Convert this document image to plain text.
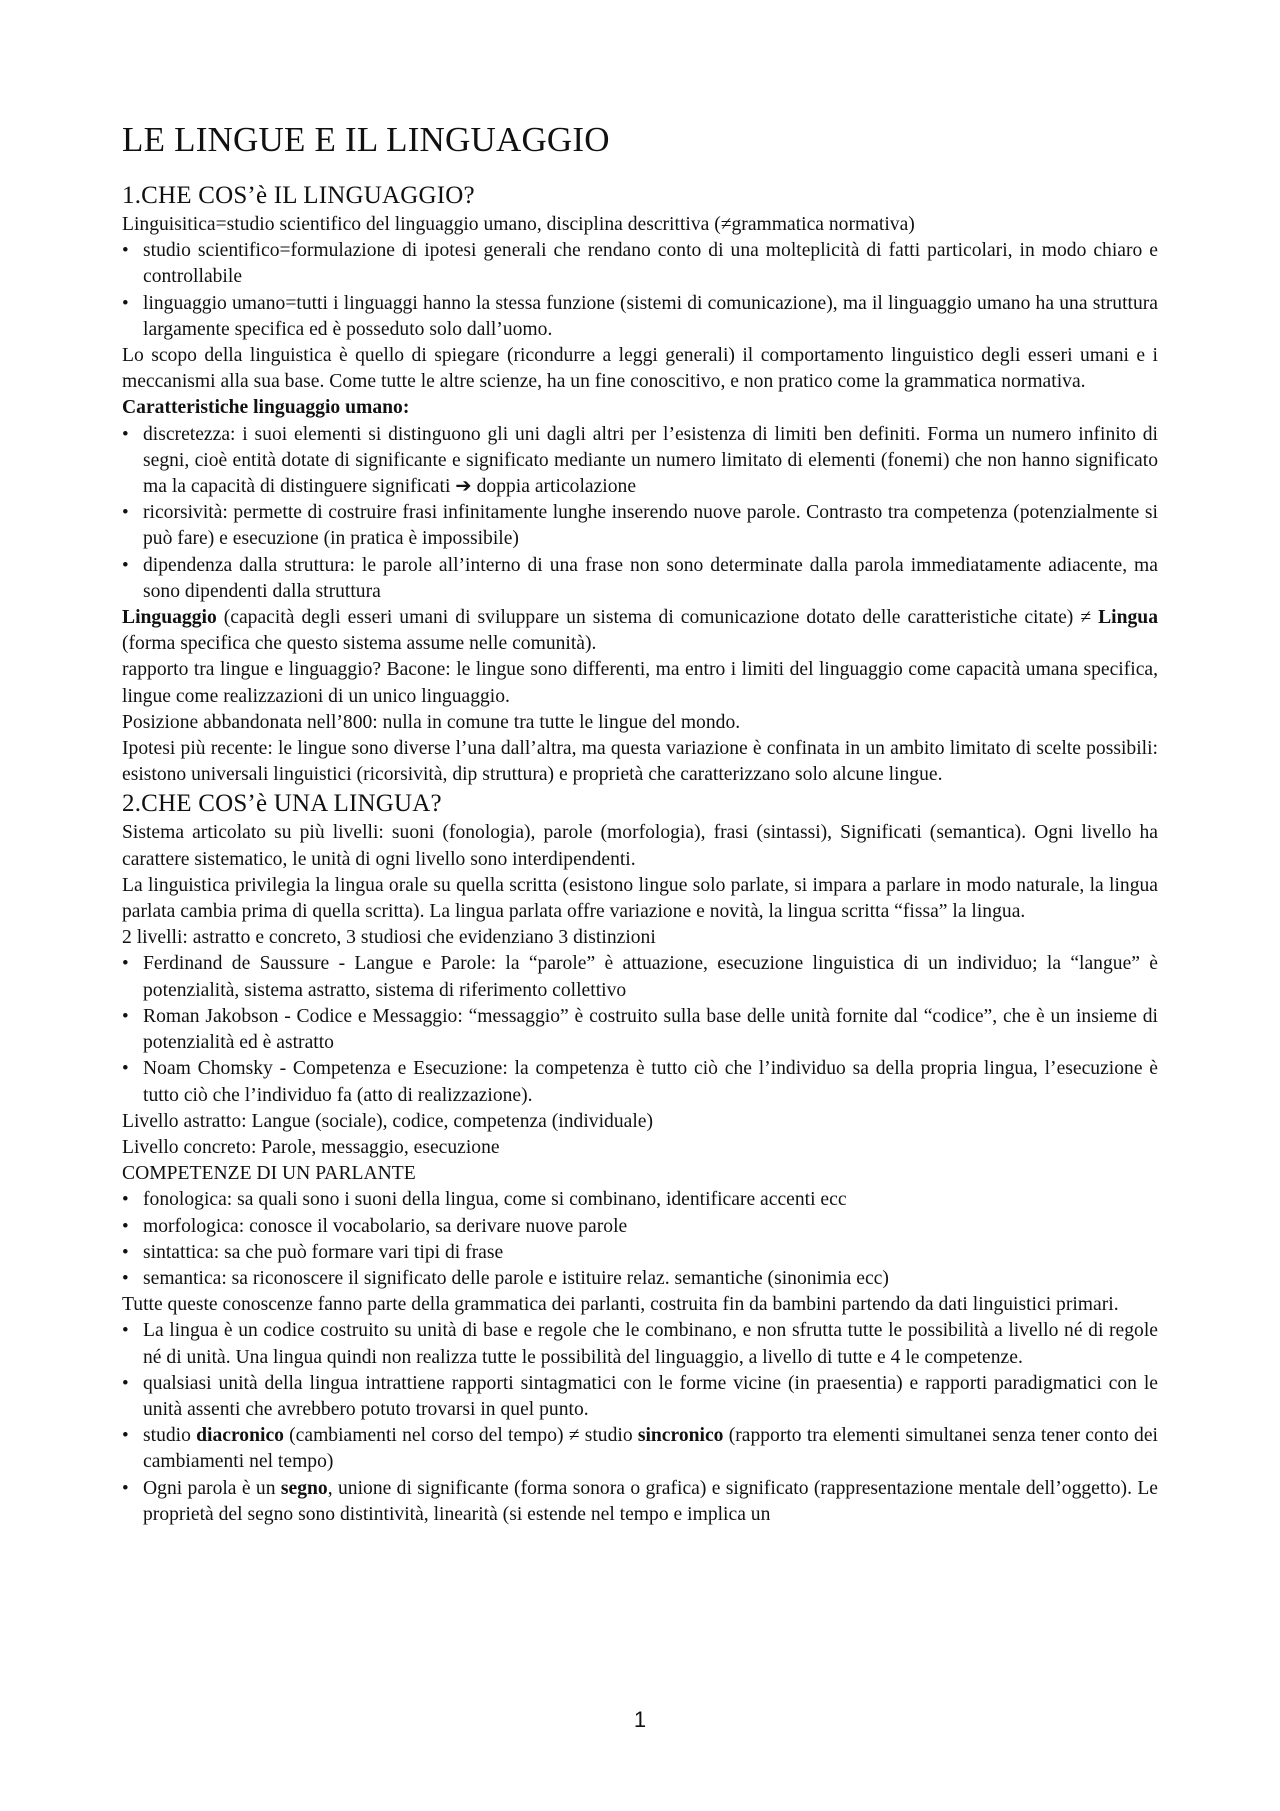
LE LINGUE E IL LINGUAGGIO
1.CHE COS’è IL LINGUAGGIO?

Linguisitica=studio scientifico del linguaggio umano, disciplina descrittiva (≠grammatica normativa)

• studio scientifico=formulazione di ipotesi generali che rendano conto di una molteplicità di fatti particolari, in modo chiaro e controllabile
• linguaggio umano=tutti i linguaggi hanno la stessa funzione (sistemi di comunicazione), ma il linguaggio umano ha una struttura largamente specifica ed è posseduto solo dall’uomo.

Lo scopo della linguistica è quello di spiegare (ricondurre a leggi generali) il comportamento linguistico degli esseri umani e i meccanismi alla sua base. Come tutte le altre scienze, ha un fine conoscitivo, e non pratico come la grammatica normativa.

Caratteristiche linguaggio umano:

• discretezza: i suoi elementi si distinguono gli uni dagli altri per l’esistenza di limiti ben definiti. Forma un numero infinito di segni, cioè entità dotate di significante e significato mediante un numero limitato di elementi (fonemi) che non hanno significato ma la capacità di distinguere significati ➔ doppia articolazione
• ricorsività: permette di costruire frasi infinitamente lunghe inserendo nuove parole. Contrasto tra competenza (potenzialmente si può fare) e esecuzione (in pratica è impossibile)
• dipendenza dalla struttura: le parole all’interno di una frase non sono determinate dalla parola immediatamente adiacente, ma sono dipendenti dalla struttura

Linguaggio (capacità degli esseri umani di sviluppare un sistema di comunicazione dotato delle caratteristiche citate) ≠ Lingua (forma specifica che questo sistema assume nelle comunità).

rapporto tra lingue e linguaggio? Bacone: le lingue sono differenti, ma entro i limiti del linguaggio come capacità umana specifica, lingue come realizzazioni di un unico linguaggio.

Posizione abbandonata nell’800: nulla in comune tra tutte le lingue del mondo.

Ipotesi più recente: le lingue sono diverse l’una dall’altra, ma questa variazione è confinata in un ambito limitato di scelte possibili: esistono universali linguistici (ricorsività, dip struttura) e proprietà che caratterizzano solo alcune lingue.

2.CHE COS’è UNA LINGUA?

Sistema articolato su più livelli: suoni (fonologia), parole (morfologia), frasi (sintassi), Significati (semantica). Ogni livello ha carattere sistematico, le unità di ogni livello sono interdipendenti.

La linguistica privilegia la lingua orale su quella scritta (esistono lingue solo parlate, si impara a parlare in modo naturale, la lingua parlata cambia prima di quella scritta). La lingua parlata offre variazione e novità, la lingua scritta “fissa” la lingua.

2 livelli: astratto e concreto, 3 studiosi che evidenziano 3 distinzioni

• Ferdinand de Saussure - Langue e Parole: la “parole” è attuazione, esecuzione linguistica di un individuo; la “langue” è potenzialità, sistema astratto, sistema di riferimento collettivo
• Roman Jakobson - Codice e Messaggio: “messaggio” è costruito sulla base delle unità fornite dal “codice”, che è un insieme di potenzialità ed è astratto
• Noam Chomsky - Competenza e Esecuzione: la competenza è tutto ciò che l’individuo sa della propria lingua, l’esecuzione è tutto ciò che l’individuo fa (atto di realizzazione).

Livello astratto: Langue (sociale), codice, competenza (individuale)

Livello concreto: Parole, messaggio, esecuzione

COMPETENZE DI UN PARLANTE

• fonologica: sa quali sono i suoni della lingua, come si combinano, identificare accenti ecc
• morfologica: conosce il vocabolario, sa derivare nuove parole
• sintattica: sa che può formare vari tipi di frase
• semantica: sa riconoscere il significato delle parole e istituire relaz. semantiche (sinonimia ecc)

Tutte queste conoscenze fanno parte della grammatica dei parlanti, costruita fin da bambini partendo da dati linguistici primari.

• La lingua è un codice costruito su unità di base e regole che le combinano, e non sfrutta tutte le possibilità a livello né di regole né di unità. Una lingua quindi non realizza tutte le possibilità del linguaggio, a livello di tutte e 4 le competenze.
• qualsiasi unità della lingua intrattiene rapporti sintagmatici con le forme vicine (in praesentia) e rapporti paradigmatici con le unità assenti che avrebbero potuto trovarsi in quel punto.
• studio diacronico (cambiamenti nel corso del tempo) ≠ studio sincronico (rapporto tra elementi simultanei senza tener conto dei cambiamenti nel tempo)
• Ogni parola è un segno, unione di significante (forma sonora o grafica) e significato (rappresentazione mentale dell’oggetto). Le proprietà del segno sono distintività, linearità (si estende nel tempo e implica un
1
